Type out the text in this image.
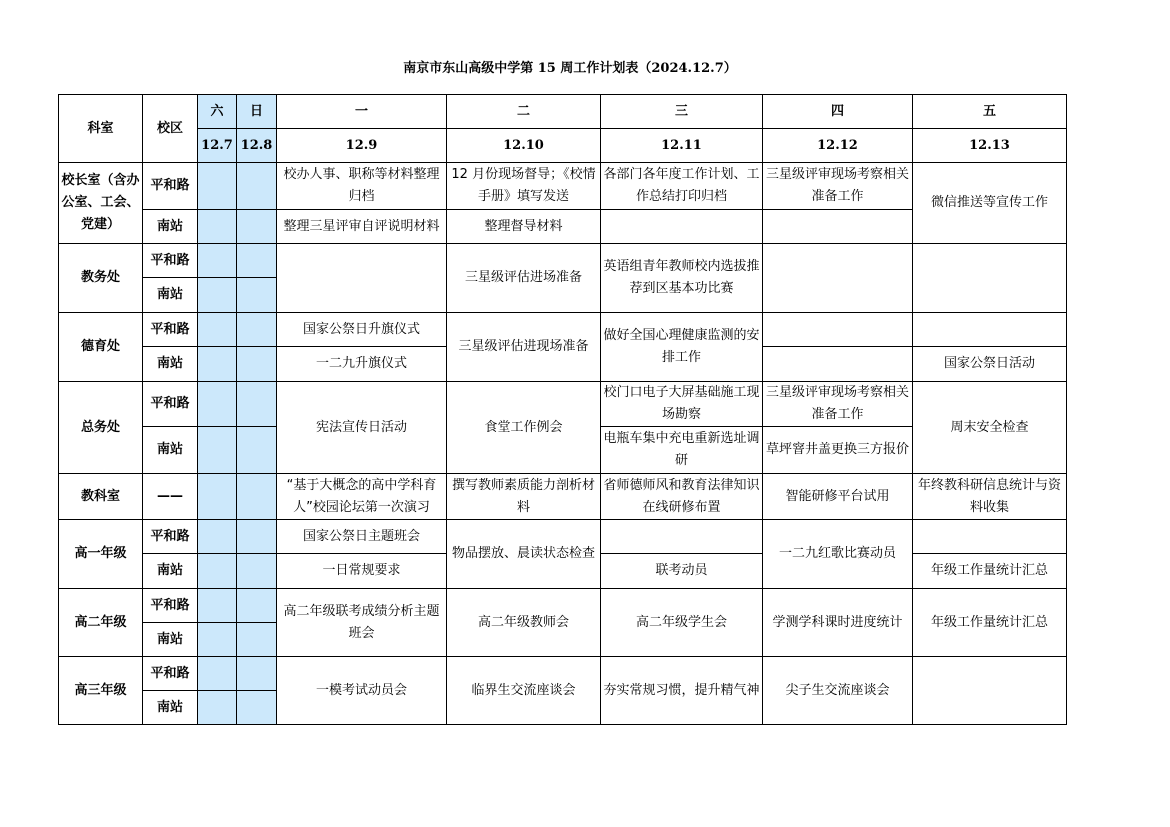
南京市东山高级中学第 15 周工作计划表（2024.12.7）
科室	校区	六	日	一	二	三	四	五
		12.7	12.8	12.9	12.10	12.11	12.12	12.13
校长室（含办公室、工会、党建）	平和路			校办人事、职称等材料整理归档	12 月份现场督导；《校情手册》填写发送	各部门各年度工作计划、工作总结打印归档	三星级评审现场考察相关准备工作	微信推送等宣传工作
	南站			整理三星评审自评说明材料	整理督导材料			
教务处	平和路				三星级评估进场准备	英语组青年教师校内选拔推荐到区基本功比赛		
	南站							
德育处	平和路			国家公祭日升旗仪式	三星级评估进现场准备	做好全国心理健康监测的安排工作		
	南站			一二九升旗仪式				国家公祭日活动
总务处	平和路			宪法宣传日活动	食堂工作例会	校门口电子大屏基础施工现场勘察	三星级评审现场考察相关准备工作	周末安全检查
	南站					电瓶车集中充电重新选址调研	草坪窨井盖更换三方报价	
教科室	——			“基于大概念的高中学科育人”校园论坛第一次演习	撰写教师素质能力剖析材料	省师德师风和教育法律知识在线研修布置	智能研修平台试用	年终教科研信息统计与资料收集
高一年级	平和路			国家公祭日主题班会	物品摆放、晨读状态检查		一二九红歌比赛动员	
	南站			一日常规要求		联考动员		年级工作量统计汇总
高二年级	平和路			高二年级联考成绩分析主题班会	高二年级教师会	高二年级学生会	学测学科课时进度统计	年级工作量统计汇总
	南站							
高三年级	平和路			一模考试动员会	临界生交流座谈会	夯实常规习惯，提升精气神	尖子生交流座谈会	
	南站							
